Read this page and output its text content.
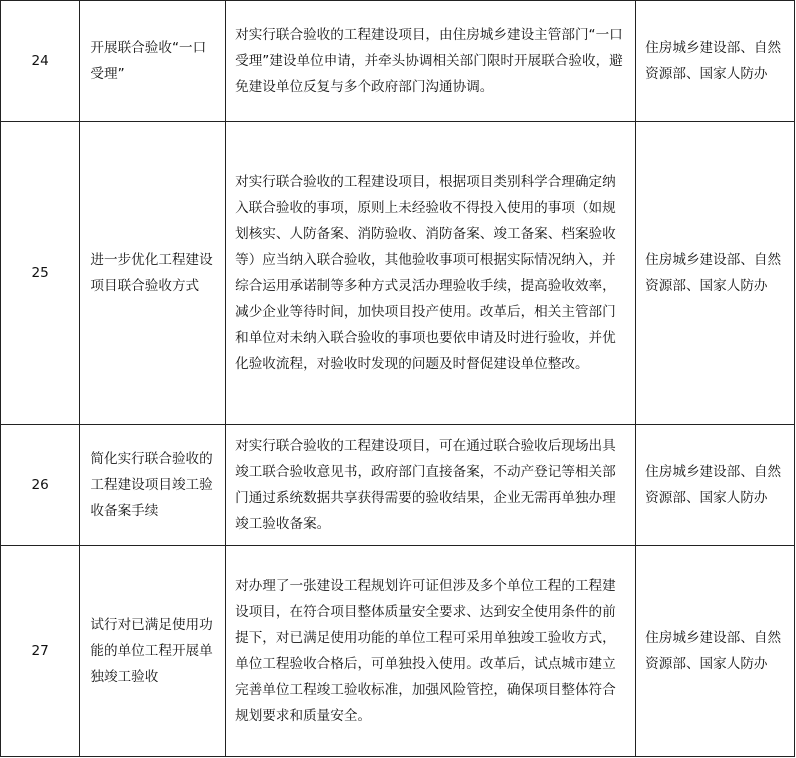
24	开展联合验收“一口受理”	对实行联合验收的工程建设项目，由住房城乡建设主管部门“一口受理”建设单位申请，并牵头协调相关部门限时开展联合验收，避免建设单位反复与多个政府部门沟通协调。	住房城乡建设部、自然资源部、国家人防办
25	进一步优化工程建设项目联合验收方式	对实行联合验收的工程建设项目，根据项目类别科学合理确定纳入联合验收的事项，原则上未经验收不得投入使用的事项（如规划核实、人防备案、消防验收、消防备案、竣工备案、档案验收等）应当纳入联合验收，其他验收事项可根据实际情况纳入，并综合运用承诺制等多种方式灵活办理验收手续，提高验收效率，减少企业等待时间，加快项目投产使用。改革后，相关主管部门和单位对未纳入联合验收的事项也要依申请及时进行验收，并优化验收流程，对验收时发现的问题及时督促建设单位整改。	住房城乡建设部、自然资源部、国家人防办
26	简化实行联合验收的工程建设项目竣工验收备案手续	对实行联合验收的工程建设项目，可在通过联合验收后现场出具竣工联合验收意见书，政府部门直接备案，不动产登记等相关部门通过系统数据共享获得需要的验收结果，企业无需再单独办理竣工验收备案。	住房城乡建设部、自然资源部、国家人防办
27	试行对已满足使用功能的单位工程开展单独竣工验收	对办理了一张建设工程规划许可证但涉及多个单位工程的工程建设项目，在符合项目整体质量安全要求、达到安全使用条件的前提下，对已满足使用功能的单位工程可采用单独竣工验收方式，单位工程验收合格后，可单独投入使用。改革后，试点城市建立完善单位工程竣工验收标准，加强风险管控，确保项目整体符合规划要求和质量安全。	住房城乡建设部、自然资源部、国家人防办
